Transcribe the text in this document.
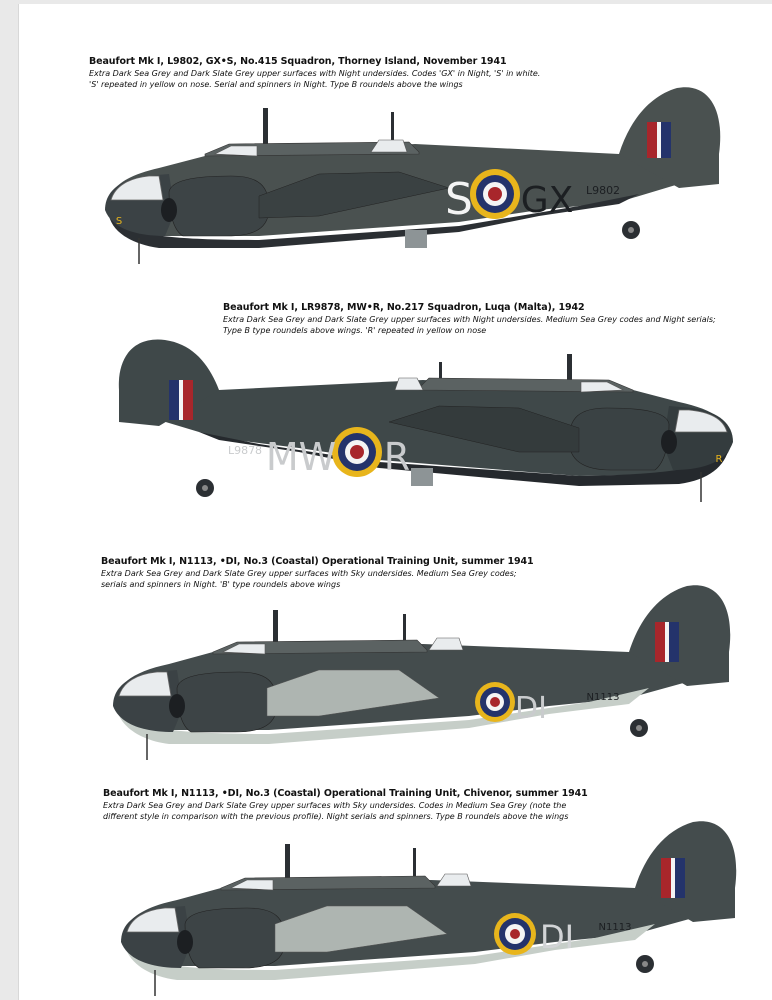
Beaufort Mk I, L9802, GX•S, No.415 Squadron, Thorney Island, November 1941
Extra Dark Sea Grey and Dark Slate Grey upper surfaces with Night undersides. Codes 'GX' in Night, 'S' in white.
'S' repeated in yellow on nose. Serial and spinners in Night. Type B roundels above the wings
S GX L9802
S
Beaufort Mk I, LR9878, MW•R, No.217 Squadron, Luqa (Malta), 1942
Extra Dark Sea Grey and Dark Slate Grey upper surfaces with Night undersides. Medium Sea Grey codes and Night serials;
Type B type roundels above wings. 'R' repeated in yellow on nose
MW R
L9878
R
Beaufort Mk I, N1113, •DI, No.3 (Coastal) Operational Training Unit, summer 1941
Extra Dark Sea Grey and Dark Slate Grey upper surfaces with Sky undersides. Medium Sea Grey codes;
serials and spinners in Night. 'B' type roundels above wings
DI	N1113
Beaufort Mk I, N1113, •DI, No.3 (Coastal) Operational Training Unit, Chivenor, summer 1941
Extra Dark Sea Grey and Dark Slate Grey upper surfaces with Sky undersides. Codes in Medium Sea Grey (note the
different style in comparison with the previous profile). Night serials and spinners. Type B roundels above the wings
DI N1113
